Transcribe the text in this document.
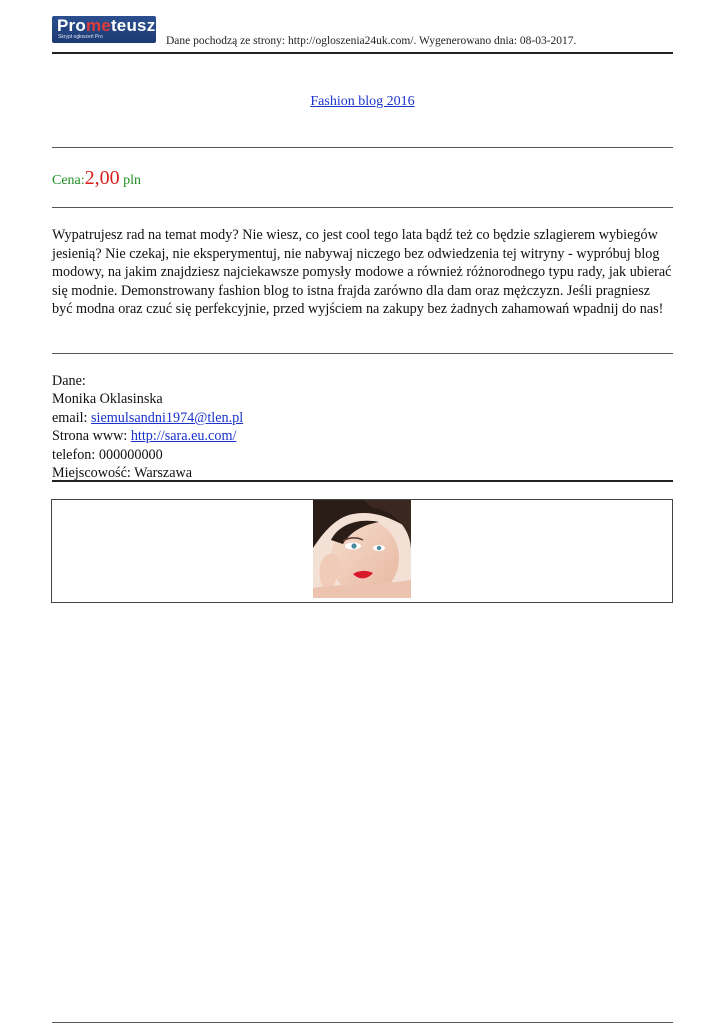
Prometeusz
Skrypt ogłoszeń Pro	Dane pochodzą ze strony: http://ogloszenia24uk.com/. Wygenerowano dnia: 08-03-2017.
Fashion blog 2016
Cena:2,00 pln
Wypatrujesz rad na temat mody? Nie wiesz, co jest cool tego lata bądź też co będzie szlagierem wybiegów jesienią? Nie czekaj, nie eksperymentuj, nie nabywaj niczego bez odwiedzenia tej witryny - wypróbuj blog modowy, na jakim znajdziesz najciekawsze pomysły modowe a również różnorodnego typu rady, jak ubierać się modnie. Demonstrowany fashion blog to istna frajda zarówno dla dam oraz mężczyzn. Jeśli pragniesz być modna oraz czuć się perfekcyjnie, przed wyjściem na zakupy bez żadnych zahamowań wpadnij do nas!
Dane:
Monika Oklasinska
email: siemulsandni1974@tlen.pl
Strona www: http://sara.eu.com/
telefon: 000000000
Miejscowość: Warszawa
